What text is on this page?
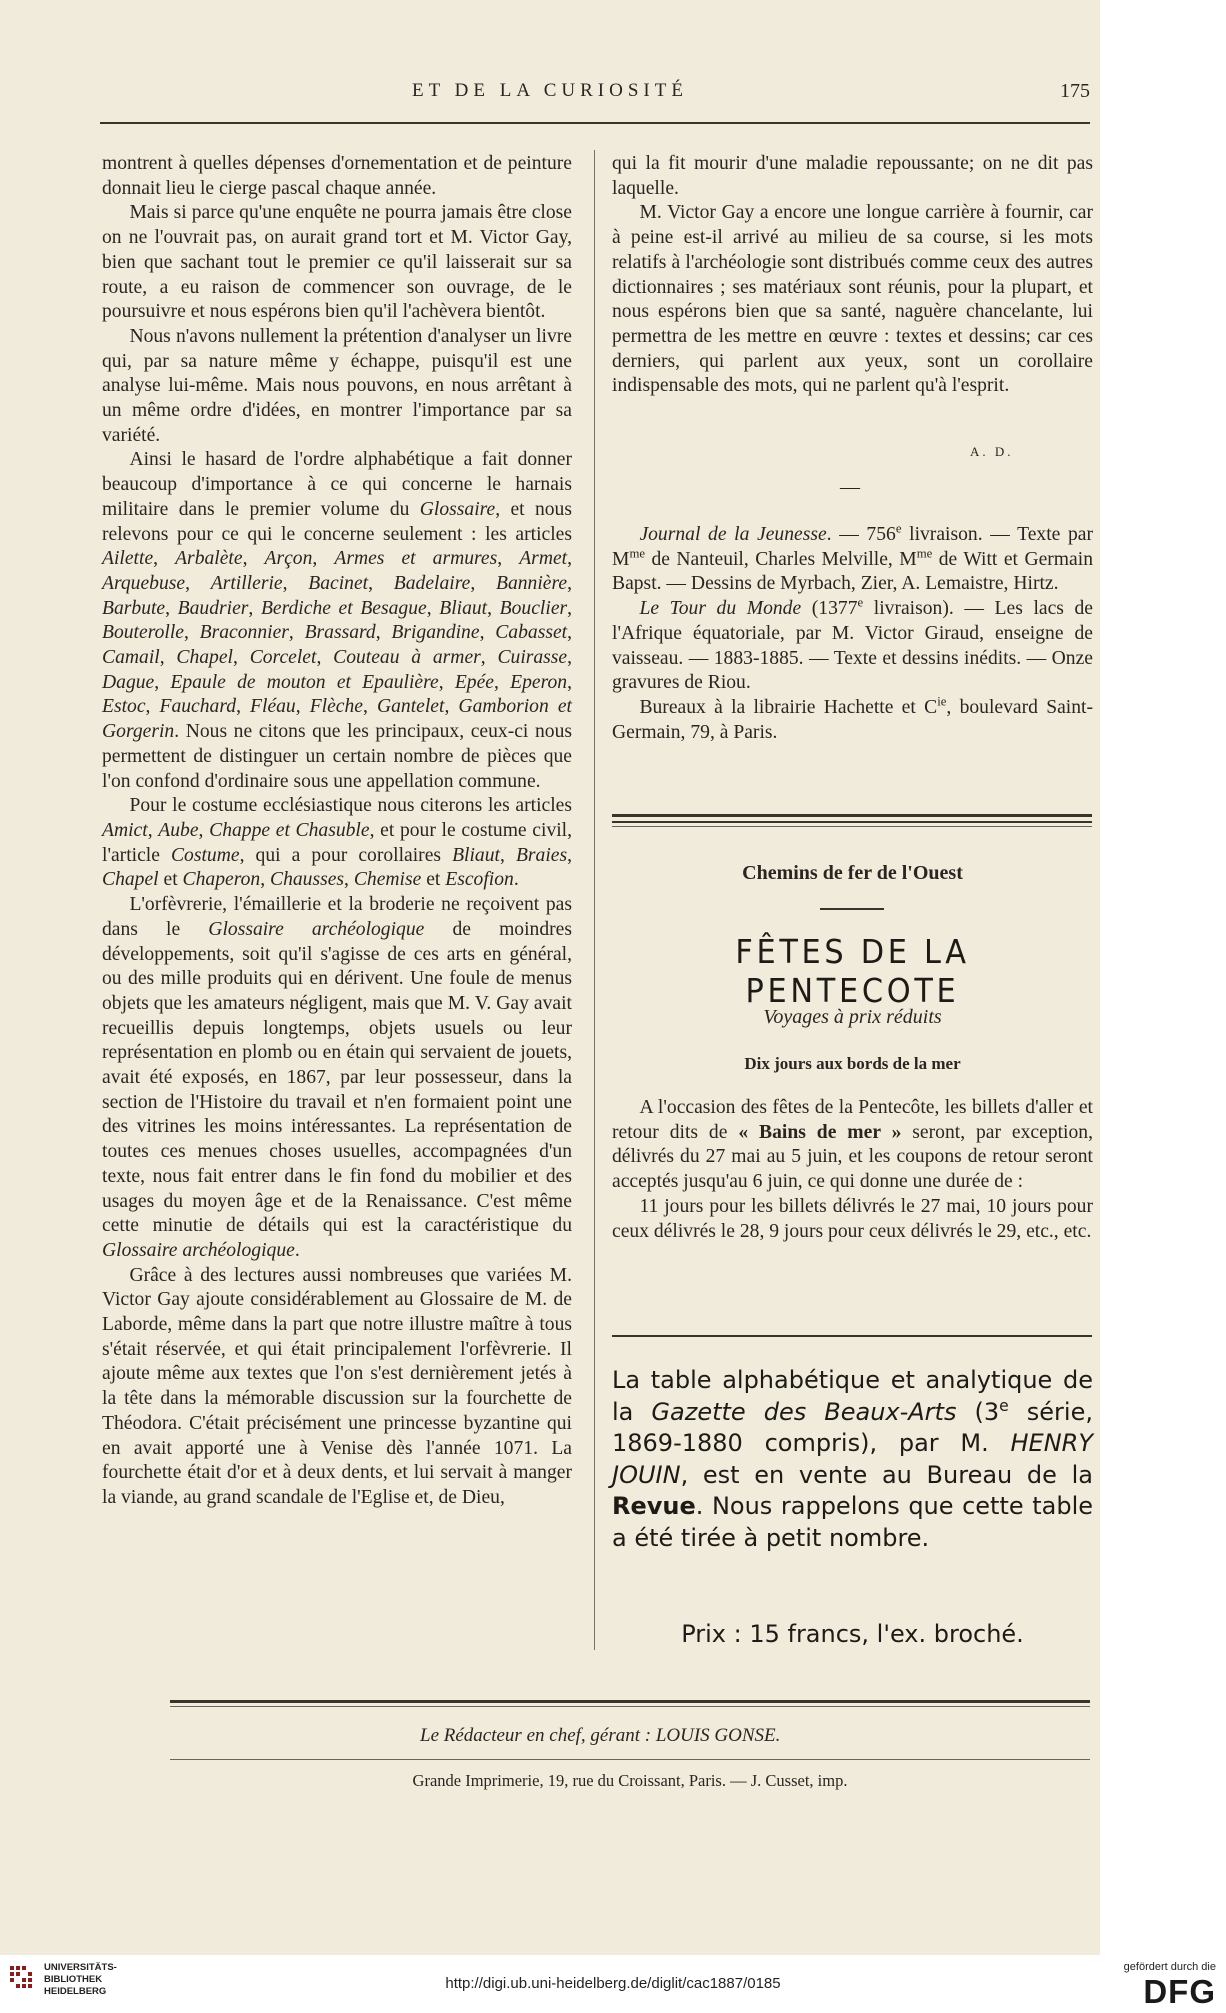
ET DE LA CURIOSITÉ	175

montrent à quelles dépenses d'ornementation et de peinture donnait lieu le cierge pascal chaque année.

Mais si parce qu'une enquête ne pourra jamais être close on ne l'ouvrait pas, on aurait grand tort et M. Victor Gay, bien que sachant tout le premier ce qu'il laisserait sur sa route, a eu raison de commencer son ouvrage, de le poursuivre et nous espérons bien qu'il l'achèvera bientôt.

Nous n'avons nullement la prétention d'analyser un livre qui, par sa nature même y échappe, puisqu'il est une analyse lui-même. Mais nous pouvons, en nous arrêtant à un même ordre d'idées, en montrer l'importance par sa variété.

Ainsi le hasard de l'ordre alphabétique a fait donner beaucoup d'importance à ce qui concerne le harnais militaire dans le premier volume du Glossaire, et nous relevons pour ce qui le concerne seulement : les articles Ailette, Arbalète, Arçon, Armes et armures, Armet, Arquebuse, Artillerie, Bacinet, Badelaire, Bannière, Barbute, Baudrier, Berdiche et Besague, Bliaut, Bouclier, Bouterolle, Braconnier, Brassard, Brigandine, Cabasset, Camail, Chapel, Corcelet, Couteau à armer, Cuirasse, Dague, Epaule de mouton et Epaulière, Epée, Eperon, Estoc, Fauchard, Fléau, Flèche, Gantelet, Gamborion et Gorgerin. Nous ne citons que les principaux, ceux-ci nous permettent de distinguer un certain nombre de pièces que l'on confond d'ordinaire sous une appellation commune.

Pour le costume ecclésiastique nous citerons les articles Amict, Aube, Chappe et Chasuble, et pour le costume civil, l'article Costume, qui a pour corollaires Bliaut, Braies, Chapel et Chaperon, Chausses, Chemise et Escofion.

L'orfèvrerie, l'émaillerie et la broderie ne reçoivent pas dans le Glossaire archéologique de moindres développements, soit qu'il s'agisse de ces arts en général, ou des mille produits qui en dérivent. Une foule de menus objets que les amateurs négligent, mais que M. V. Gay avait recueillis depuis longtemps, objets usuels ou leur représentation en plomb ou en étain qui servaient de jouets, avait été exposés, en 1867, par leur possesseur, dans la section de l'Histoire du travail et n'en formaient point une des vitrines les moins intéressantes. La représentation de toutes ces menues choses usuelles, accompagnées d'un texte, nous fait entrer dans le fin fond du mobilier et des usages du moyen âge et de la Renaissance. C'est même cette minutie de détails qui est la caractéristique du Glossaire archéologique.

Grâce à des lectures aussi nombreuses que variées M. Victor Gay ajoute considérablement au Glossaire de M. de Laborde, même dans la part que notre illustre maître à tous s'était réservée, et qui était principalement l'orfèvrerie. Il ajoute même aux textes que l'on s'est dernièrement jetés à la tête dans la mémorable discussion sur la fourchette de Théodora. C'était précisément une princesse byzantine qui en avait apporté une à Venise dès l'année 1071. La fourchette était d'or et à deux dents, et lui servait à manger la viande, au grand scandale de l'Eglise et, de Dieu,

qui la fit mourir d'une maladie repoussante; on ne dit pas laquelle.

M. Victor Gay a encore une longue carrière à fournir, car à peine est-il arrivé au milieu de sa course, si les mots relatifs à l'archéologie sont distribués comme ceux des autres dictionnaires ; ses matériaux sont réunis, pour la plupart, et nous espérons bien que sa santé, naguère chancelante, lui permettra de les mettre en œuvre : textes et dessins; car ces derniers, qui parlent aux yeux, sont un corollaire indispensable des mots, qui ne parlent qu'à l'esprit.

A. D.
—

Journal de la Jeunesse. — 756e livraison. — Texte par $M^{me}$ de Nanteuil, Charles Melville, $M^{me}$ de Witt et Germain Bapst. — Dessins de Myrbach, Zier, A. Lemaistre, Hirtz.

Le Tour du Monde (1377e livraison). — Les lacs de l'Afrique équatoriale, par M. Victor Giraud, enseigne de vaisseau. — 1883-1885. — Texte et dessins inédits. — Onze gravures de Riou.

Bureaux à la librairie Hachette et $C^{ie}$, boulevard Saint-Germain, 79, à Paris.

Chemins de fer de l'Ouest
FÊTES DE LA PENTECOTE
Voyages à prix réduits
Dix jours aux bords de la mer

A l'occasion des fêtes de la Pentecôte, les billets d'aller et retour dits de « Bains de mer » seront, par exception, délivrés du 27 mai au 5 juin, et les coupons de retour seront acceptés jusqu'au 6 juin, ce qui donne une durée de :

11 jours pour les billets délivrés le 27 mai, 10 jours pour ceux délivrés le 28, 9 jours pour ceux délivrés le 29, etc., etc.

La table alphabétique et analytique de la Gazette des Beaux-Arts (3e série, 1869-1880 compris), par M. HENRY JOUIN, est en vente au Bureau de la Revue. Nous rappelons que cette table a été tirée à petit nombre.
Prix : 15 francs, l'ex. broché.
Le Rédacteur en chef, gérant : LOUIS GONSE.
Grande Imprimerie, 19, rue du Croissant, Paris. — J. Cusset, imp.
UNIVERSITÄTS-
BIBLIOTHEK
HEIDELBERG	http://digi.ub.uni-heidelberg.de/diglit/cac1887/0185
gefördert durch die
DFG
